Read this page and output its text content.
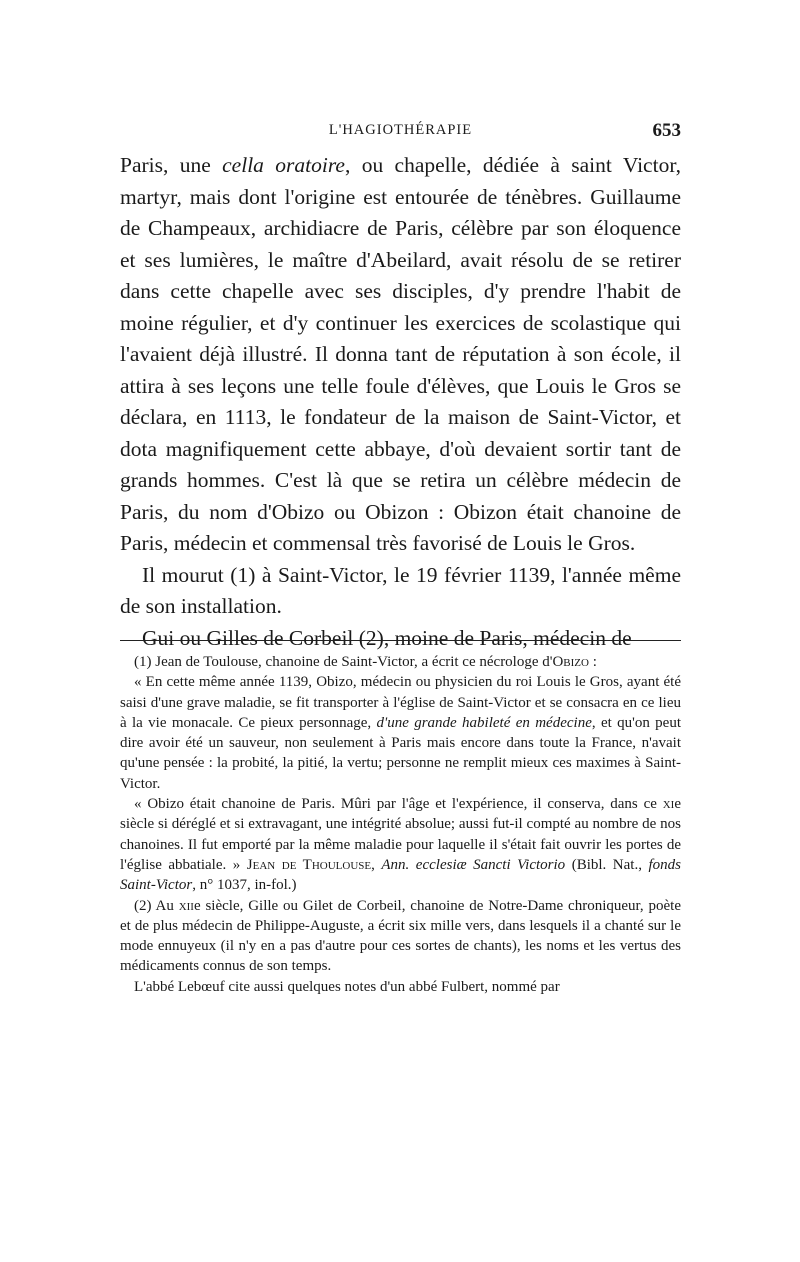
L'HAGIOTHÉRAPIE	653

Paris, une cella oratoire, ou chapelle, dédiée à saint Victor, martyr, mais dont l'origine est entourée de ténèbres. Guillaume de Champeaux, archidiacre de Paris, célèbre par son éloquence et ses lumières, le maître d'Abeilard, avait résolu de se retirer dans cette chapelle avec ses disciples, d'y prendre l'habit de moine régulier, et d'y continuer les exercices de scolastique qui l'avaient déjà illustré. Il donna tant de réputation à son école, il attira à ses leçons une telle foule d'élèves, que Louis le Gros se déclara, en 1113, le fondateur de la maison de Saint-Victor, et dota magnifiquement cette abbaye, d'où devaient sortir tant de grands hommes. C'est là que se retira un célèbre médecin de Paris, du nom d'Obizo ou Obizon : Obizon était chanoine de Paris, médecin et commensal très favorisé de Louis le Gros.

Il mourut (1) à Saint-Victor, le 19 février 1139, l'année même de son installation.

Gui ou Gilles de Corbeil (2), moine de Paris, médecin de

(1) Jean de Toulouse, chanoine de Saint-Victor, a écrit ce nécrologe d'Obizo :

« En cette même année 1139, Obizo, médecin ou physicien du roi Louis le Gros, ayant été saisi d'une grave maladie, se fit transporter à l'église de Saint-Victor et se consacra en ce lieu à la vie monacale. Ce pieux personnage, d'une grande habileté en médecine, et qu'on peut dire avoir été un sauveur, non seulement à Paris mais encore dans toute la France, n'avait qu'une pensée : la probité, la pitié, la vertu; personne ne remplit mieux ces maximes à Saint-Victor.

« Obizo était chanoine de Paris. Mûri par l'âge et l'expérience, il conserva, dans ce xie siècle si déréglé et si extravagant, une intégrité absolue; aussi fut-il compté au nombre de nos chanoines. Il fut emporté par la même maladie pour laquelle il s'était fait ouvrir les portes de l'église abbatiale. » Jean de Thoulouse, Ann. ecclesiæ Sancti Victorio (Bibl. Nat., fonds Saint-Victor, n° 1037, in-fol.)

(2) Au xiie siècle, Gille ou Gilet de Corbeil, chanoine de Notre-Dame chroniqueur, poète et de plus médecin de Philippe-Auguste, a écrit six mille vers, dans lesquels il a chanté sur le mode ennuyeux (il n'y en a pas d'autre pour ces sortes de chants), les noms et les vertus des médicaments connus de son temps.

L'abbé Lebœuf cite aussi quelques notes d'un abbé Fulbert, nommé par
